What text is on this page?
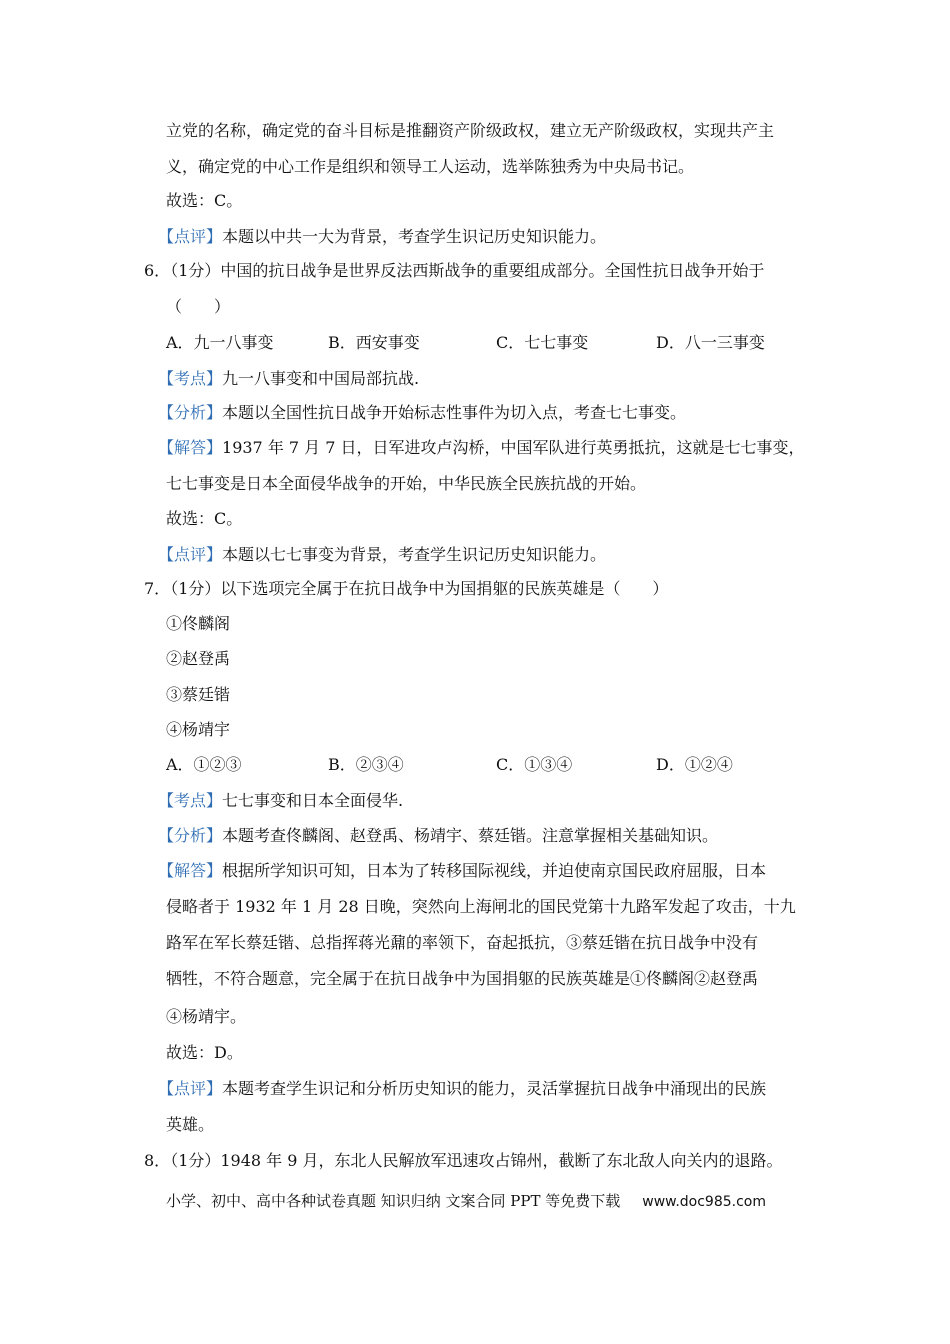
立党的名称，确定党的奋斗目标是推翻资产阶级政权，建立无产阶级政权，实现共产主
义，确定党的中心工作是组织和领导工人运动，选举陈独秀为中央局书记。
故选：C。
【点评】本题以中共一大为背景，考查学生识记历史知识能力。
6．（1分）中国的抗日战争是世界反法西斯战争的重要组成部分。全国性抗日战争开始于
（　　）
A．九一八事变	B．西安事变	C．七七事变	D．八一三事变
【考点】九一八事变和中国局部抗战.
【分析】本题以全国性抗日战争开始标志性事件为切入点，考查七七事变。
【解答】1937 年 7 月 7 日，日军进攻卢沟桥，中国军队进行英勇抵抗，这就是七七事变，
七七事变是日本全面侵华战争的开始，中华民族全民族抗战的开始。
故选：C。
【点评】本题以七七事变为背景，考查学生识记历史知识能力。
7．（1分）以下选项完全属于在抗日战争中为国捐躯的民族英雄是（　　）
①佟麟阁
②赵登禹
③蔡廷锴
④杨靖宇
A．①②③	B．②③④	C．①③④	D．①②④
【考点】七七事变和日本全面侵华.
【分析】本题考查佟麟阁、赵登禹、杨靖宇、蔡廷锴。注意掌握相关基础知识。
【解答】根据所学知识可知，日本为了转移国际视线，并迫使南京国民政府屈服，日本
侵略者于 1932 年 1 月 28 日晚，突然向上海闸北的国民党第十九路军发起了攻击，十九
路军在军长蔡廷锴、总指挥蒋光鼐的率领下，奋起抵抗，③蔡廷锴在抗日战争中没有
牺牲，不符合题意，完全属于在抗日战争中为国捐躯的民族英雄是①佟麟阁②赵登禹
④杨靖宇。
故选：D。
【点评】本题考查学生识记和分析历史知识的能力，灵活掌握抗日战争中涌现出的民族
英雄。
8．（1分）1948 年 9 月，东北人民解放军迅速攻占锦州，截断了东北敌人向关内的退路。
小学、初中、高中各种试卷真题 知识归纳 文案合同 PPT 等免费下载 www.doc985.com
